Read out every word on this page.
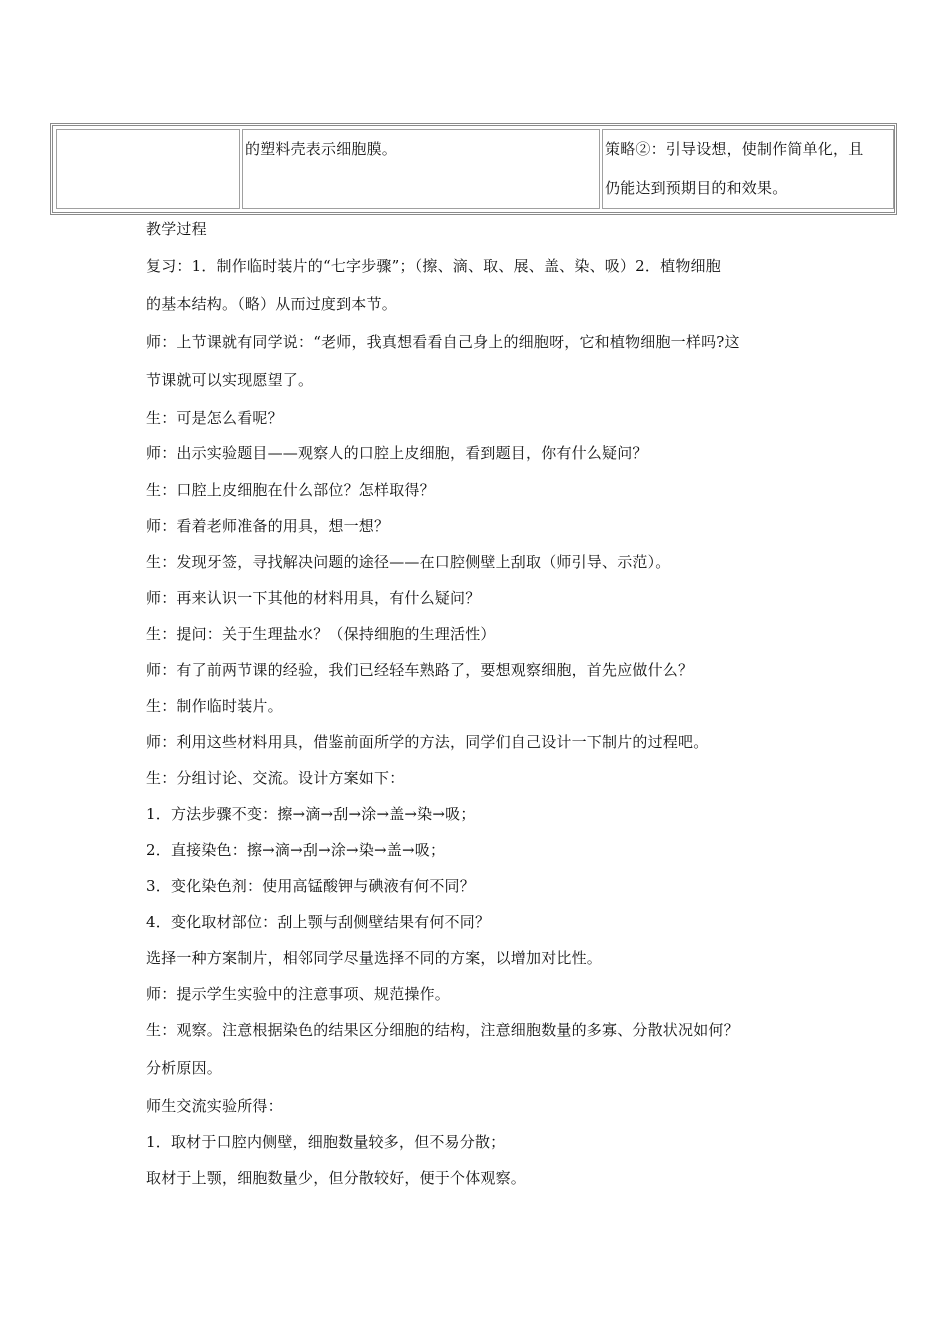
的塑料壳表示细胞膜。	策略②：引导设想，使制作简单化，且
仍能达到预期目的和效果。
教学过程
复习：1．制作临时装片的“七字步骤”；（擦、滴、取、展、盖、染、吸）2．植物细胞
的基本结构。（略）从而过度到本节。
师：上节课就有同学说：“老师，我真想看看自己身上的细胞呀，它和植物细胞一样吗?这
节课就可以实现愿望了。
生：可是怎么看呢？
师：出示实验题目——观察人的口腔上皮细胞，看到题目，你有什么疑问？
生：口腔上皮细胞在什么部位？怎样取得？
师：看着老师准备的用具，想一想？
生：发现牙签，寻找解决问题的途径——在口腔侧壁上刮取（师引导、示范）。
师：再来认识一下其他的材料用具，有什么疑问？
生：提问：关于生理盐水？（保持细胞的生理活性）
师：有了前两节课的经验，我们已经轻车熟路了，要想观察细胞，首先应做什么？
生：制作临时装片。
师：利用这些材料用具，借鉴前面所学的方法，同学们自己设计一下制片的过程吧。
生：分组讨论、交流。设计方案如下：
1．方法步骤不变：擦→滴→刮→涂→盖→染→吸；
2．直接染色：擦→滴→刮→涂→染→盖→吸；
3．变化染色剂：使用高锰酸钾与碘液有何不同？
4．变化取材部位：刮上颚与刮侧壁结果有何不同？
选择一种方案制片，相邻同学尽量选择不同的方案，以增加对比性。
师：提示学生实验中的注意事项、规范操作。
生：观察。注意根据染色的结果区分细胞的结构，注意细胞数量的多寡、分散状况如何？
分析原因。
师生交流实验所得：
1．取材于口腔内侧壁，细胞数量较多，但不易分散；
取材于上颚，细胞数量少，但分散较好，便于个体观察。
